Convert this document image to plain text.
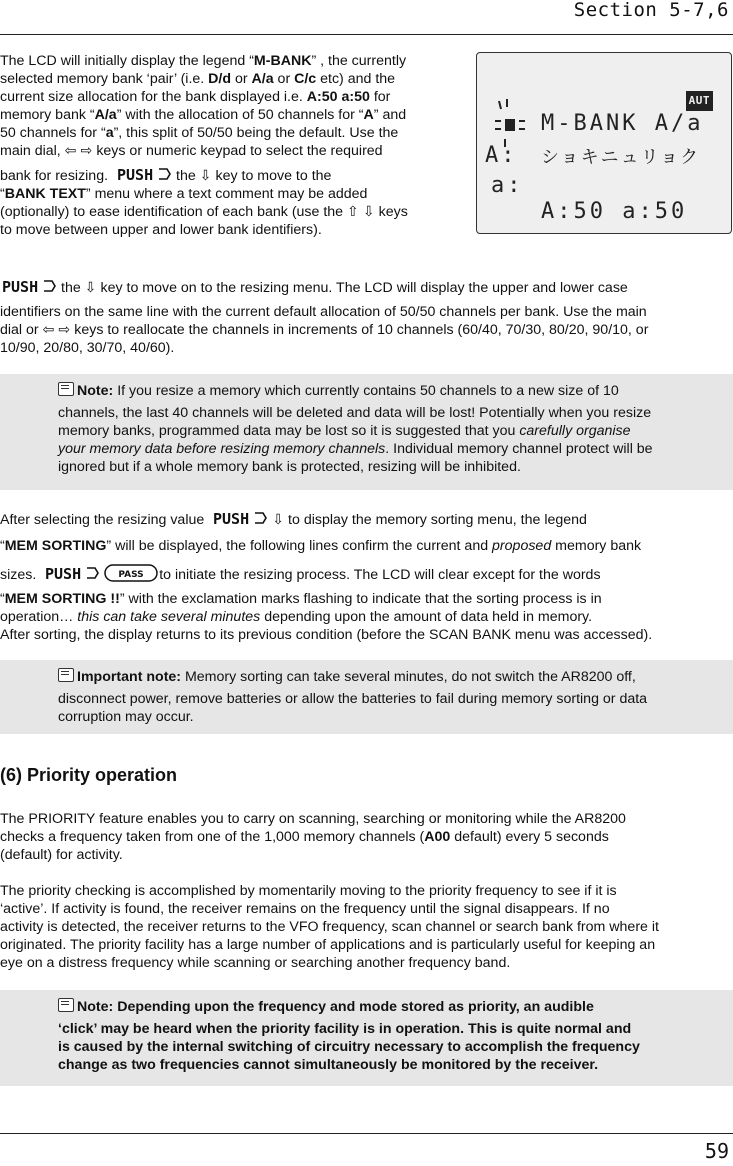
Section 5-7,6
AUT
M-BANK A/a
A: ショキニュリョク
a:
A:50 a:50
The LCD will initially display the legend “M-BANK” , the currently
selected memory bank ‘pair’ (i.e. D/d or A/a or C/c etc) and the
current size allocation for the bank displayed i.e. A:50 a:50 for
memory bank “A/a” with the allocation of 50 channels for “A” and
50 channels for “a”, this split of 50/50 being the default. Use the
main dial, ⇦ ⇨ keys or numeric keypad to select the required
bank for resizing. PUSH the ⇩ key to move to the
“BANK TEXT” menu where a text comment may be added
(optionally) to ease identification of each bank (use the ⇧ ⇩ keys
to move between upper and lower bank identifiers).
PUSH the ⇩ key to move on to the resizing menu. The LCD will display the upper and lower case
identifiers on the same line with the current default allocation of 50/50 channels per bank. Use the main
dial or ⇦ ⇨ keys to reallocate the channels in increments of 10 channels (60/40, 70/30, 80/20, 90/10, or
10/90, 20/80, 30/70, 40/60).
Note: If you resize a memory which currently contains 50 channels to a new size of 10
channels, the last 40 channels will be deleted and data will be lost! Potentially when you resize
memory banks, programmed data may be lost so it is suggested that you carefully organise
your memory data before resizing memory channels. Individual memory channel protect will be
ignored but if a whole memory bank is protected, resizing will be inhibited.
After selecting the resizing value PUSH ⇩ to display the memory sorting menu, the legend
“MEM SORTING” will be displayed, the following lines confirm the current and proposed memory bank
sizes. PUSH	PASS to initiate the resizing process. The LCD will clear except for the words
“MEM SORTING !!” with the exclamation marks flashing to indicate that the sorting process is in
operation… this can take several minutes depending upon the amount of data held in memory.
After sorting, the display returns to its previous condition (before the SCAN BANK menu was accessed).
Important note: Memory sorting can take several minutes, do not switch the AR8200 off,
disconnect power, remove batteries or allow the batteries to fail during memory sorting or data
corruption may occur.
(6) Priority operation
The PRIORITY feature enables you to carry on scanning, searching or monitoring while the AR8200
checks a frequency taken from one of the 1,000 memory channels (A00 default) every 5 seconds
(default) for activity.
The priority checking is accomplished by momentarily moving to the priority frequency to see if it is
‘active’. If activity is found, the receiver remains on the frequency until the signal disappears. If no
activity is detected, the receiver returns to the VFO frequency, scan channel or search bank from where it
originated. The priority facility has a large number of applications and is particularly useful for keeping an
eye on a distress frequency while scanning or searching another frequency band.
Note: Depending upon the frequency and mode stored as priority, an audible
‘click’ may be heard when the priority facility is in operation. This is quite normal and
is caused by the internal switching of circuitry necessary to accomplish the frequency
change as two frequencies cannot simultaneously be monitored by the receiver.
59
